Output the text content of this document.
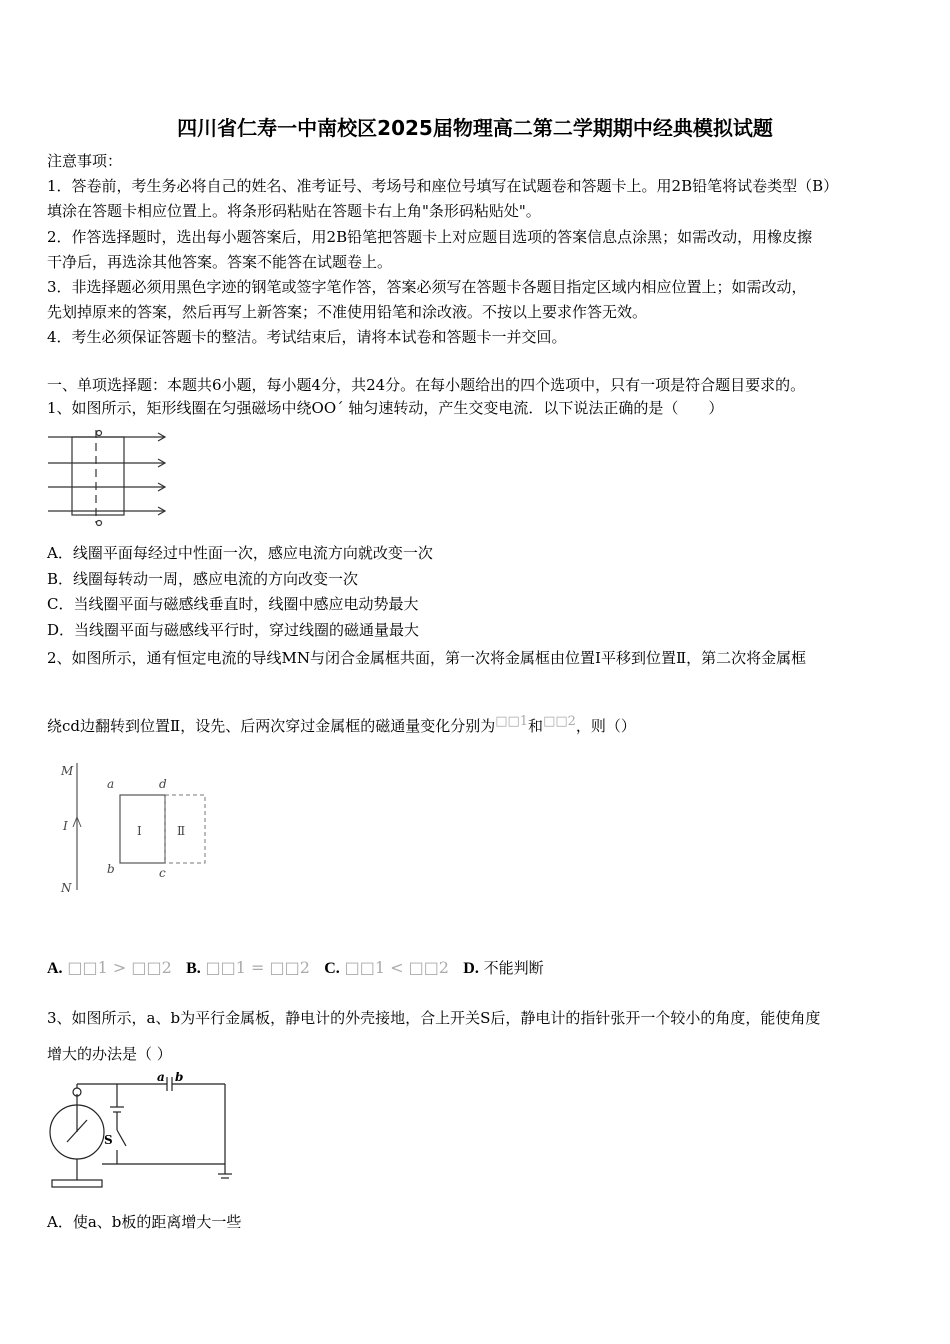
四川省仁寿一中南校区2025届物理高二第二学期期中经典模拟试题
注意事项：
1．答卷前，考生务必将自己的姓名、准考证号、考场号和座位号填写在试题卷和答题卡上。用2B铅笔将试卷类型（B）
填涂在答题卡相应位置上。将条形码粘贴在答题卡右上角"条形码粘贴处"。
2．作答选择题时，选出每小题答案后，用2B铅笔把答题卡上对应题目选项的答案信息点涂黑；如需改动，用橡皮擦
干净后，再选涂其他答案。答案不能答在试题卷上。
3．非选择题必须用黑色字迹的钢笔或签字笔作答，答案必须写在答题卡各题目指定区域内相应位置上；如需改动，
先划掉原来的答案，然后再写上新答案；不准使用铅笔和涂改液。不按以上要求作答无效。
4．考生必须保证答题卡的整洁。考试结束后，请将本试卷和答题卡一并交回。
一、单项选择题：本题共6小题，每小题4分，共24分。在每小题给出的四个选项中，只有一项是符合题目要求的。
1、如图所示，矩形线圈在匀强磁场中绕OO´ 轴匀速转动，产生交变电流．以下说法正确的是（　　）
A．线圈平面每经过中性面一次，感应电流方向就改变一次
B．线圈每转动一周，感应电流的方向改变一次
C．当线圈平面与磁感线垂直时，线圈中感应电动势最大
D．当线圈平面与磁感线平行时，穿过线圈的磁通量最大
2、如图所示，通有恒定电流的导线MN与闭合金属框共面，第一次将金属框由位置Ⅰ平移到位置Ⅱ，第二次将金属框
绕cd边翻转到位置Ⅱ，设先、后两次穿过金属框的磁通量变化分别为$^{□□1}$和$^{□□2}$，则（）
M
I
N
a	d
b	c
Ⅰ	Ⅱ
A. □□1 > □□2 B. □□1 = □□2 C. □□1 < □□2 D. 不能判断
3、如图所示，a、b为平行金属板，静电计的外壳接地，合上开关S后，静电计的指针张开一个较小的角度，能使角度
增大的办法是（ ）
a b
S
A．使a、b板的距离增大一些
